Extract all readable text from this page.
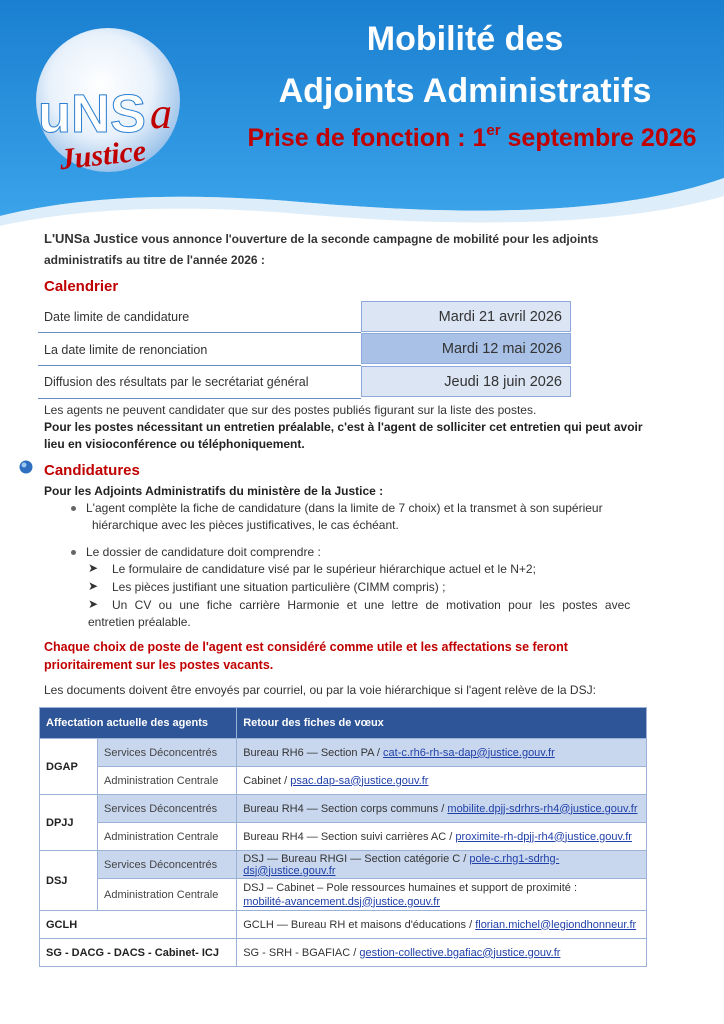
uNS a
Justice
Mobilité des
Adjoints Administratifs
Prise de fonction : 1er septembre 2026
L'UNSa Justice vous annonce l'ouverture de la seconde campagne de mobilité pour les adjoints
administratifs au titre de l'année 2026 :
Calendrier
Date limite de candidature	Mardi 21 avril 2026
La date limite de renonciation	Mardi 12 mai 2026
Diffusion des résultats par le secrétariat général	Jeudi 18 juin 2026
Les agents ne peuvent candidater que sur des postes publiés figurant sur la liste des postes.
Pour les postes nécessitant un entretien préalable, c'est à l'agent de solliciter cet entretien qui peut avoir
lieu en visioconférence ou téléphoniquement.
Candidatures
Pour les Adjoints Administratifs du ministère de la Justice :
L'agent complète la fiche de candidature (dans la limite de 7 choix) et la transmet à son supérieur
hiérarchique avec les pièces justificatives, le cas échéant.
Le dossier de candidature doit comprendre :
➤ Le formulaire de candidature visé par le supérieur hiérarchique actuel et le N+2;
➤ Les pièces justifiant une situation particulière (CIMM compris) ;
➤ Un CV ou une fiche carrière Harmonie et une lettre de motivation pour les postes avec
entretien préalable.
Chaque choix de poste de l'agent est considéré comme utile et les affectations se feront
prioritairement sur les postes vacants.
Les documents doivent être envoyés par courriel, ou par la voie hiérarchique si l'agent relève de la DSJ:
Affectation actuelle des agents		Retour des fiches de vœux
DGAP	Services Déconcentrés	Bureau RH6 — Section PA / cat-c.rh6-rh-sa-dap@justice.gouv.fr
	Administration Centrale	Cabinet / psac.dap-sa@justice.gouv.fr
DPJJ	Services Déconcentrés	Bureau RH4 — Section corps communs / mobilite.dpjj-sdrhrs-rh4@justice.gouv.fr
	Administration Centrale	Bureau RH4 — Section suivi carrières AC / proximite-rh-dpjj-rh4@justice.gouv.fr
DSJ	Services Déconcentrés	DSJ — Bureau RHGI — Section catégorie C / pole-c.rhg1-sdrhg-dsj@justice.gouv.fr
	Administration Centrale	DSJ – Cabinet – Pole ressources humaines et support de proximité :
mobilité-avancement.dsj@justice.gouv.fr
GCLH		GCLH — Bureau RH et maisons d'éducations / florian.michel@legiondhonneur.fr
SG - DACG - DACS - Cabinet- ICJ		SG - SRH - BGAFIAC / gestion-collective.bgafiac@justice.gouv.fr
